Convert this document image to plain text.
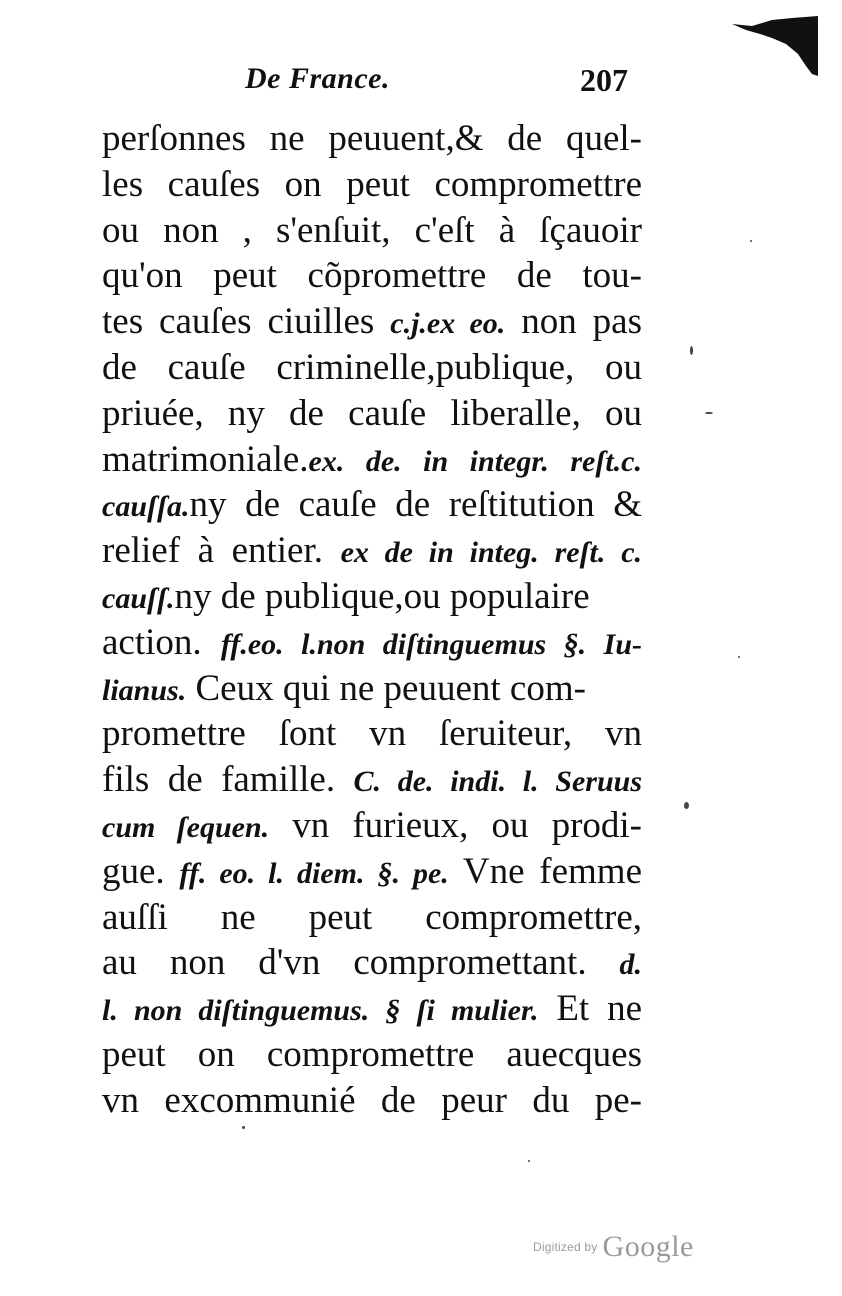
De France.	207
perſonnes ne peuuent,& de quel-
les cauſes on peut compromettre
ou non , s'enſuit, c'eſt à ſçauoir
qu'on peut cõpromettre de tou-
tes cauſes ciuilles c.j.ex eo. non pas
de cauſe criminelle,publique, ou
priuée, ny de cauſe liberalle, ou
matrimoniale.ex. de. in integr. reſt.c.
cauſſa.ny de cauſe de reſtitution &
relief à entier. ex de in integ. reſt. c.
cauſſ.ny de publique,ou populaire
action. ff.eo. l.non diſtinguemus §. Iu-
lianus. Ceux qui ne peuuent com-
promettre ſont vn ſeruiteur, vn
fils de famille. C. de. indi. l. Seruus
cum ſequen. vn furieux, ou prodi-
gue. ff. eo. l. diem. §. pe. Vne femme
auſſi ne peut compromettre,
au non d'vn compromettant. d.
l. non diſtinguemus. § ſi mulier. Et ne
peut on compromettre auecques
vn excommunié de peur du pe-
Digitized by Google
